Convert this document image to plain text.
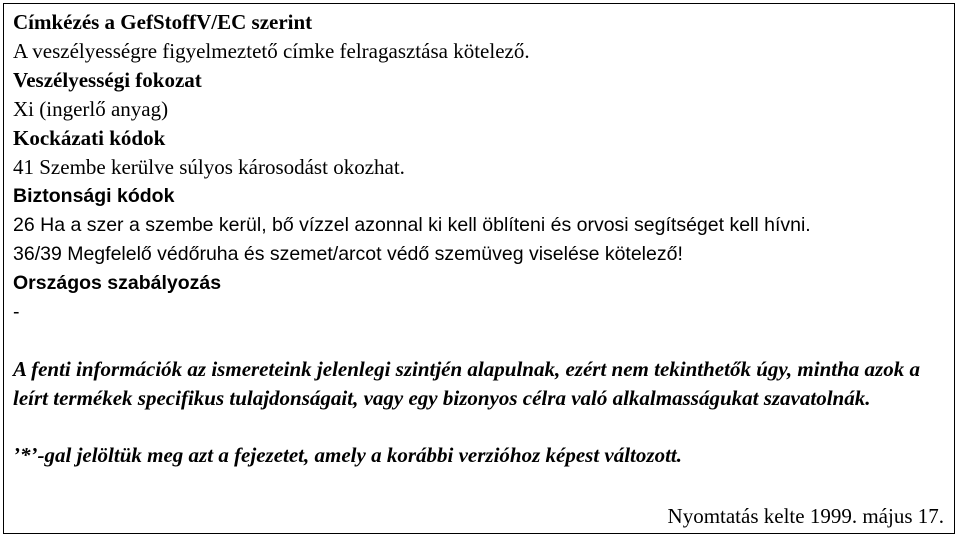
Címkézés a GefStoffV/EC szerint
A veszélyességre figyelmeztető címke felragasztása kötelező.
Veszélyességi fokozat
Xi (ingerlő anyag)
Kockázati kódok
41 Szembe kerülve súlyos károsodást okozhat.
Biztonsági kódok
26 Ha a szer a szembe kerül, bő vízzel azonnal ki kell öblíteni és orvosi segítséget kell hívni.
36/39 Megfelelő védőruha és szemet/arcot védő szemüveg viselése kötelező!
Országos szabályozás
-
A fenti információk az ismereteink jelenlegi szintjén alapulnak, ezért nem tekinthetők úgy, mintha azok a leírt termékek specifikus tulajdonságait, vagy egy bizonyos célra való alkalmasságukat szavatolnák.
’*’-gal jelöltük meg azt a fejezetet, amely a korábbi verzióhoz képest változott.
Nyomtatás kelte 1999. május 17.
